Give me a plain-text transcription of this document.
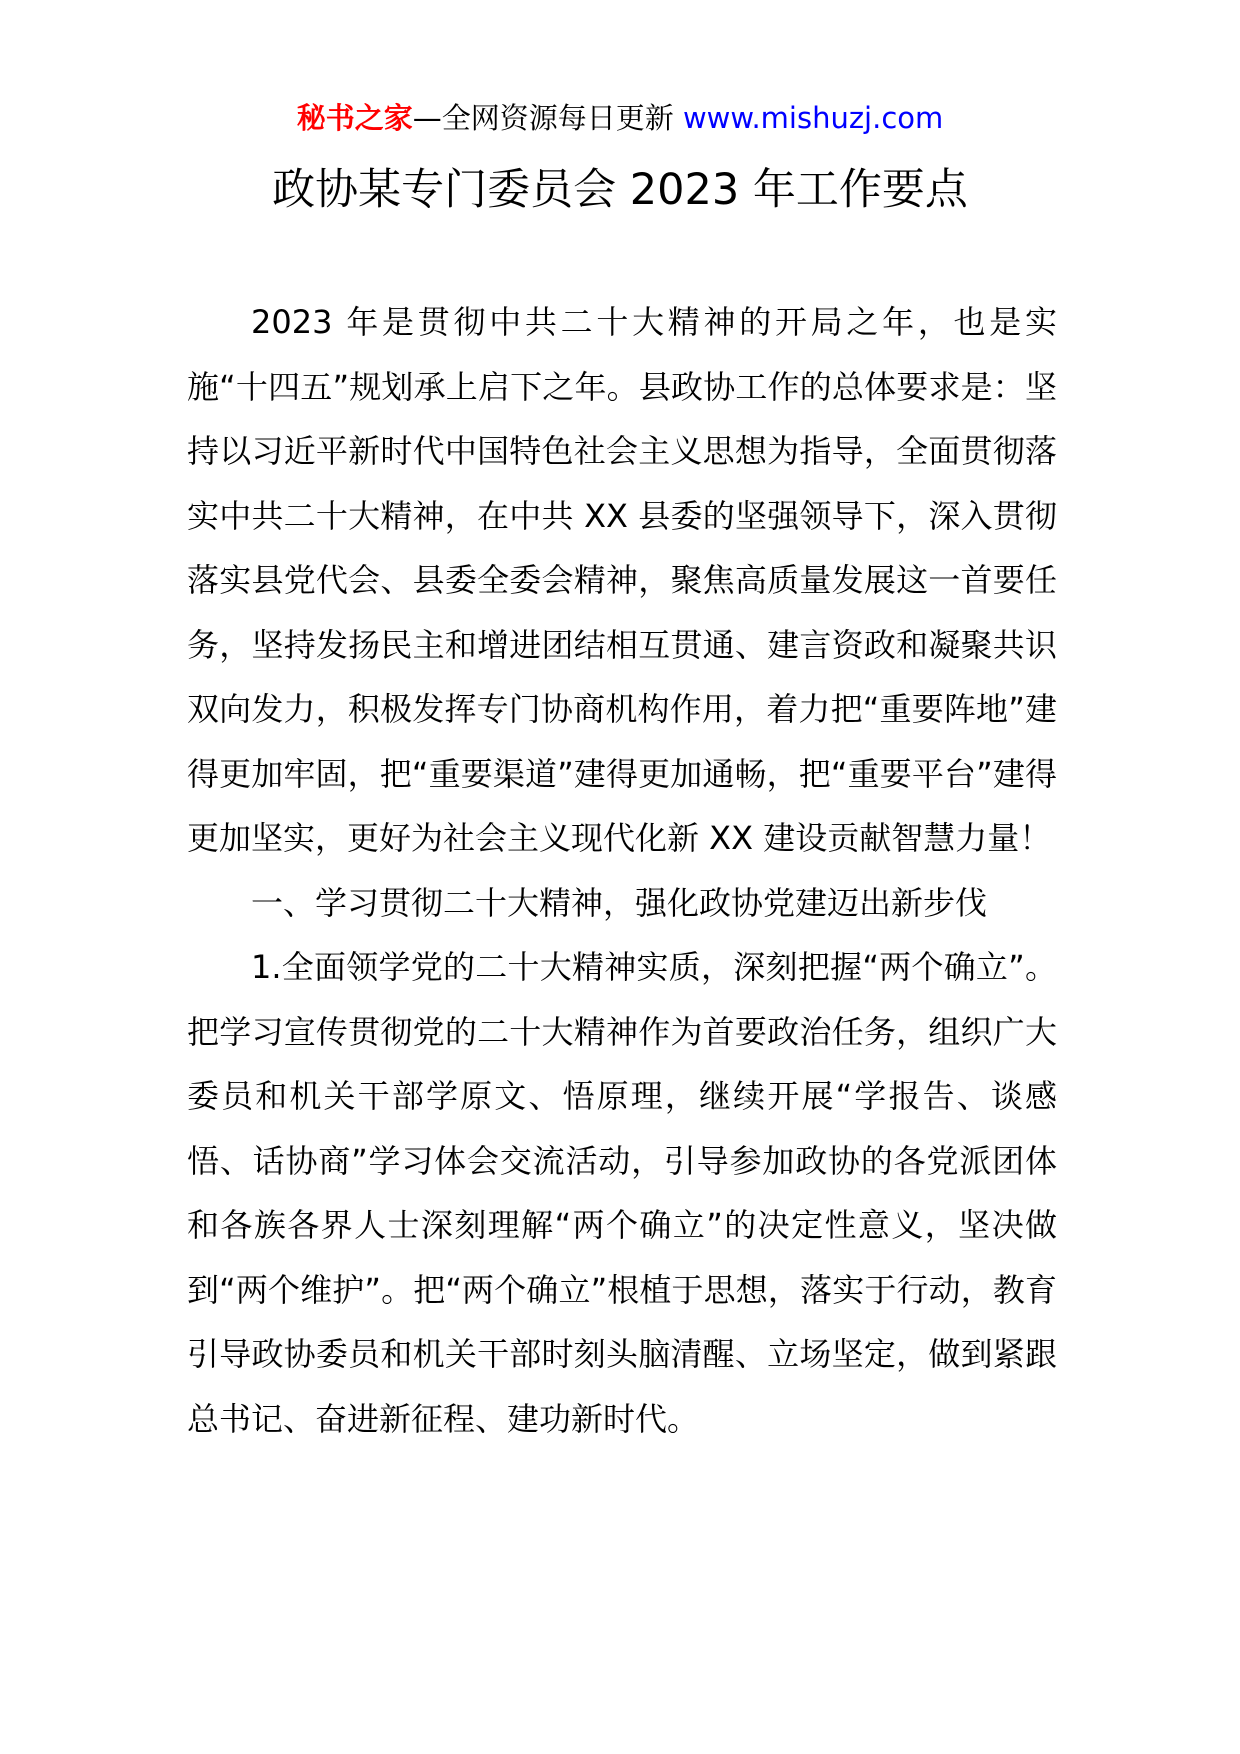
秘书之家—全网资源每日更新 www.mishuzj.com
政协某专门委员会 2023 年工作要点

2023 年是贯彻中共二十大精神的开局之年，也是实施“十四五”规划承上启下之年。县政协工作的总体要求是：坚持以习近平新时代中国特色社会主义思想为指导，全面贯彻落实中共二十大精神，在中共 XX 县委的坚强领导下，深入贯彻落实县党代会、县委全委会精神，聚焦高质量发展这一首要任务，坚持发扬民主和增进团结相互贯通、建言资政和凝聚共识双向发力，积极发挥专门协商机构作用，着力把“重要阵地”建得更加牢固，把“重要渠道”建得更加通畅，把“重要平台”建得更加坚实，更好为社会主义现代化新 XX 建设贡献智慧力量！

一、学习贯彻二十大精神，强化政协党建迈出新步伐

1.全面领学党的二十大精神实质，深刻把握“两个确立”。把学习宣传贯彻党的二十大精神作为首要政治任务，组织广大委员和机关干部学原文、悟原理，继续开展“学报告、谈感悟、话协商”学习体会交流活动，引导参加政协的各党派团体和各族各界人士深刻理解“两个确立”的决定性意义，坚决做到“两个维护”。把“两个确立”根植于思想，落实于行动，教育引导政协委员和机关干部时刻头脑清醒、立场坚定，做到紧跟总书记、奋进新征程、建功新时代。
